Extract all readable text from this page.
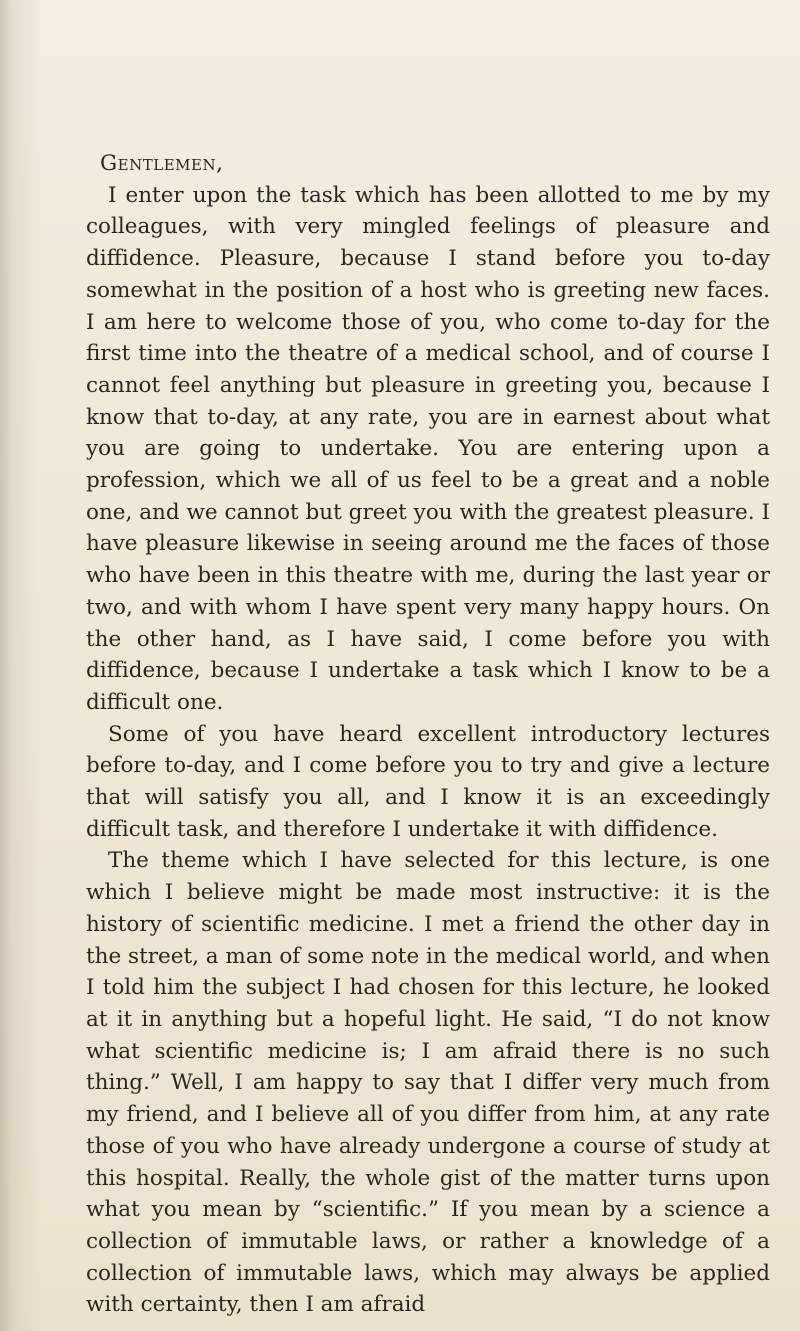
Gentlemen,

I enter upon the task which has been allotted to me by my colleagues, with very mingled feelings of pleasure and diffidence. Pleasure, because I stand before you to-day somewhat in the position of a host who is greeting new faces. I am here to welcome those of you, who come to-day for the first time into the theatre of a medical school, and of course I cannot feel anything but pleasure in greeting you, because I know that to-day, at any rate, you are in earnest about what you are going to undertake. You are entering upon a profession, which we all of us feel to be a great and a noble one, and we cannot but greet you with the greatest pleasure. I have pleasure likewise in seeing around me the faces of those who have been in this theatre with me, during the last year or two, and with whom I have spent very many happy hours. On the other hand, as I have said, I come before you with diffidence, because I undertake a task which I know to be a difficult one.

Some of you have heard excellent introductory lectures before to-day, and I come before you to try and give a lecture that will satisfy you all, and I know it is an exceedingly difficult task, and therefore I undertake it with diffidence.

The theme which I have selected for this lecture, is one which I believe might be made most instructive: it is the history of scientific medicine. I met a friend the other day in the street, a man of some note in the medical world, and when I told him the subject I had chosen for this lecture, he looked at it in anything but a hopeful light. He said, “I do not know what scientific medicine is; I am afraid there is no such thing.” Well, I am happy to say that I differ very much from my friend, and I believe all of you differ from him, at any rate those of you who have already undergone a course of study at this hospital. Really, the whole gist of the matter turns upon what you mean by “scientific.” If you mean by a science a collection of immutable laws, or rather a knowledge of a collection of immutable laws, which may always be applied with certainty, then I am afraid
